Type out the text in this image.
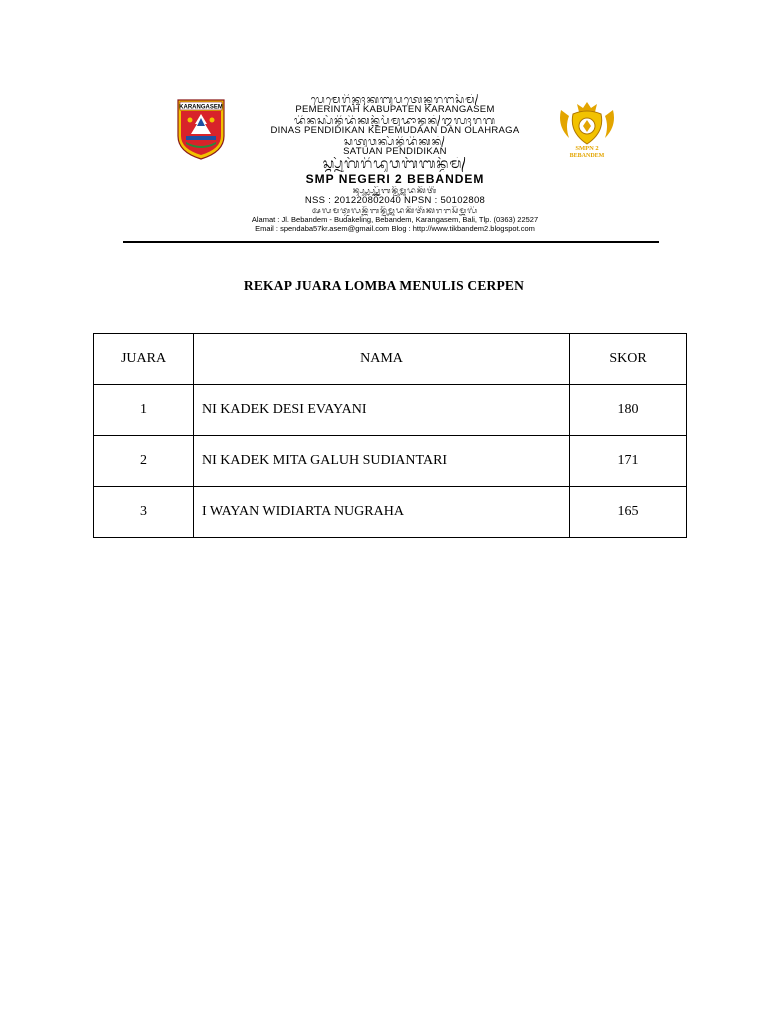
KARANGASEM
ᬧᬾᬫᬾᬭᬶᬦ᭄ᬢᬄᬓᬩᬸᬧᬢᬾᬦ᭄ᬓᬭᬗᬲᭂᬫ᭄
PEMERINTAH KABUPATEN KARANGASEM
ᬤᬶᬦᬲ᭄ᬧᭂᬦ᭄ᬤᬶᬤᬶᬓᬦ᭄ᬓᭂᬧᭂᬫᬸᬤᬵᬦ᭄ᬤᬦ᭄ᬑᬮᬄᬭᬕ
DINAS PENDIDIKAN KEPEMUDAAN DAN OLAHRAGA
ᬲᬢᬸᬯᬦ᭄ᬧᭂᬦ᭄ᬤᬶᬤᬶᬓᬦ᭄
SATUAN PENDIDIKAN
ᬲ᭄ᬫ᭄ᬧ᭄ᬦᭂᬕᭂᬭᬶᬤᬸᬯᬩᭂᬩᬦ᭄ᬤᭂᬫ᭄
SMP NEGERI 2 BEBANDEM
ᬦ᭄ᬲ᭄ᬲ᭄ᬦ᭄ᬧ᭄ᬲ᭄ᬦ᭄ᬚ᭄ᬩᭂᬩᬦ᭄ᬤᭂᬫ᭄ᬩᬸᬤᬓᭂᬢᬶᬂ
NSS : 201220802040 NPSN : 50102808
ᬅᬮᬫᬢ᭄ᬚᬮᬦ᭄ᬩᭂᬩᬦ᭄ᬤᭂᬫ᭄ᬩᬸᬤᬓᭂᬢᬶᬂᬓᬭᬗᬲᭂᬫ᭄ᬩᬮᬶ
Alamat : Jl. Bebandem - Budakeling, Bebandem, Karangasem, Bali, Tlp. (0363) 22527
Email : spendaba57kr.asem@gmail.com Blog : http://www.tikbandem2.blogspot.com
SMPN 2
BEBANDEM
REKAP JUARA LOMBA MENULIS CERPEN
JUARA	NAMA	SKOR
1	NI KADEK DESI EVAYANI	180
2	NI KADEK MITA GALUH SUDIANTARI	171
3	I WAYAN WIDIARTA NUGRAHA	165
